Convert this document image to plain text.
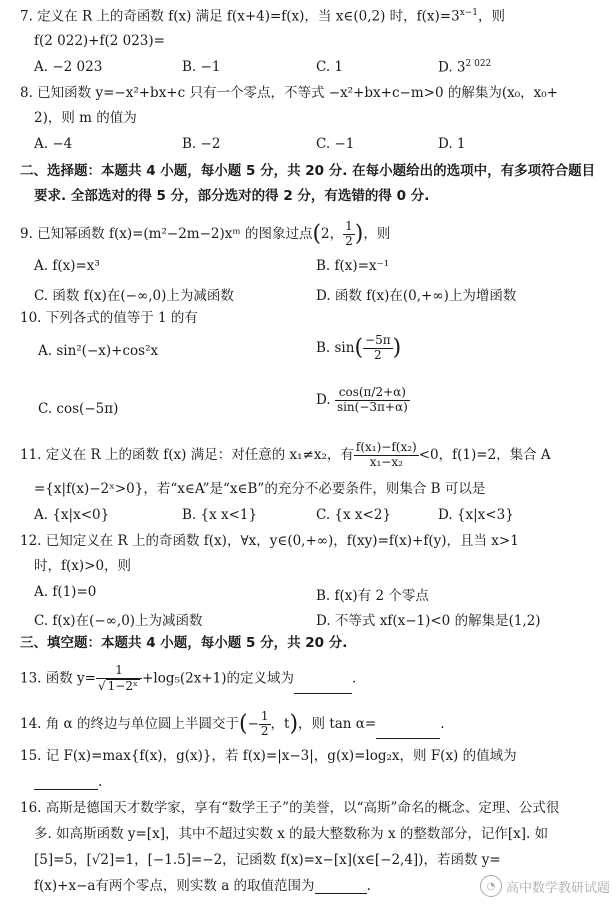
7. 定义在 R 上的奇函数 f(x) 满足 f(x+4)=f(x)，当 x∈(0,2) 时，$f(x)=3^{x-1}$，则
f(2 022)+f(2 023)=
A. −2 023	B. −1	C. 1	D. $3^{2 022}$
8. 已知函数 y=−x²+bx+c 只有一个零点，不等式 −x²+bx+c−m>0 的解集为(x₀，x₀+
2)，则 m 的值为
A. −4	B. −2	C. −1	D. 1
二、选择题：本题共 4 小题，每小题 5 分，共 20 分. 在每小题给出的选项中，有多项符合题目
要求. 全部选对的得 5 分，部分选对的得 2 分，有选错的得 0 分.
9. 已知幂函数 f(x)=(m²−2m−2)xᵐ 的图象过点(2， $\frac{1}{2}$ )，则
A. f(x)=x³	B. f(x)=x⁻¹
C. 函数 f(x)在(−∞,0)上为减函数	D. 函数 f(x)在(0,+∞)上为增函数
10. 下列各式的值等于 1 的有
A. sin²(−x)+cos²x	B. $\sin( \frac{-5\pi}{2}$ )
C. cos(−5π)
D. $\frac{\cos(\pi/2+\alpha)}{\sin(-3\pi+\alpha)}$
11. 定义在 R 上的函数 f(x) 满足：对任意的 x₁≠x₂，有 $\frac{\text{f(x₁)−f(x₂)}}{\text{x₁−x₂}} <0$，f(1)=2，集合 A
={x|f(x)−2ˣ>0}，若“x∈A”是“x∈B”的充分不必要条件，则集合 B 可以是
A. {x|x<0}	B. {x x<1}	C. {x x<2}	D. {x|x<3}
12. 已知定义在 R 上的奇函数 f(x)，∀x，y∈(0,+∞)，f(xy)=f(x)+f(y)，且当 x>1
时，f(x)>0，则
A. f(1)=0	B. f(x)有 2 个零点
C. f(x)在(−∞,0)上为减函数	D. 不等式 xf(x−1)<0 的解集是(1,2)
三、填空题：本题共 4 小题，每小题 5 分，共 20 分.
13. 函数 $y= \frac{1}{\text{√ 1−2ˣ}} +\log_5(2x+1)$的定义域为	.
14. 角 α 的终边与单位圆上半圆交于(− $\frac{1}{2}$ ，t)，则 tan α=	.
15. 记 F(x)=max{f(x)，g(x)}，若 f(x)=|x−3|，g(x)=log₂x，则 F(x) 的值域为
.
16. 高斯是德国天才数学家，享有“数学王子”的美誉，以“高斯”命名的概念、定理、公式很
多. 如高斯函数 y=[x]，其中不超过实数 x 的最大整数称为 x 的整数部分，记作[x]. 如
[5]=5，[√2]=1，[−1.5]=−2，记函数 f(x)=x−[x](x∈[−2,4])，若函数 y=
f(x)+x−a有两个零点，则实数 a 的取值范围为	.	◔ 高中数学教研试题
